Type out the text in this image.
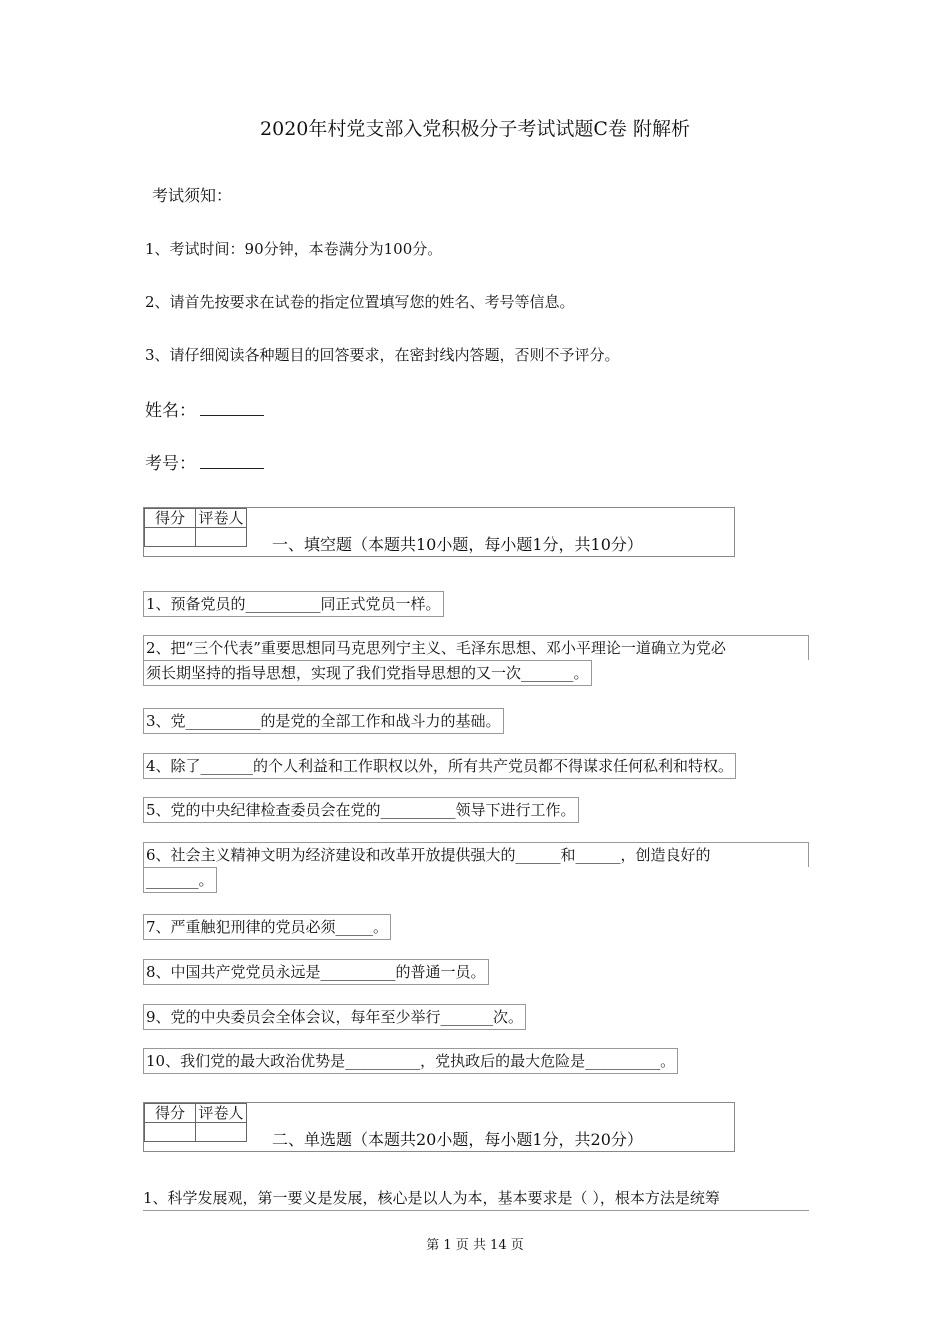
2020年村党支部入党积极分子考试试题C卷 附解析
考试须知：
1、考试时间：90分钟，本卷满分为100分。
2、请首先按要求在试卷的指定位置填写您的姓名、考号等信息。
3、请仔细阅读各种题目的回答要求，在密封线内答题，否则不予评分。
姓名：
考号：
得分	评卷人

一、填空题（本题共10小题，每小题1分，共10分）
1、预备党员的__________同正式党员一样。
2、把“三个代表”重要思想同马克思列宁主义、毛泽东思想、邓小平理论一道确立为党必
须长期坚持的指导思想，实现了我们党指导思想的又一次_______。
3、党__________的是党的全部工作和战斗力的基础。
4、除了_______的个人利益和工作职权以外，所有共产党员都不得谋求任何私利和特权。
5、党的中央纪律检查委员会在党的__________领导下进行工作。
6、社会主义精神文明为经济建设和改革开放提供强大的______和______，创造良好的
_______。
7、严重触犯刑律的党员必须_____。
8、中国共产党党员永远是__________的普通一员。
9、党的中央委员会全体会议，每年至少举行_______次。
10、我们党的最大政治优势是__________，党执政后的最大危险是__________。
得分	评卷人

二、单选题（本题共20小题，每小题1分，共20分）
1、科学发展观，第一要义是发展，核心是以人为本，基本要求是（ ），根本方法是统筹
第 1 页 共 14 页
